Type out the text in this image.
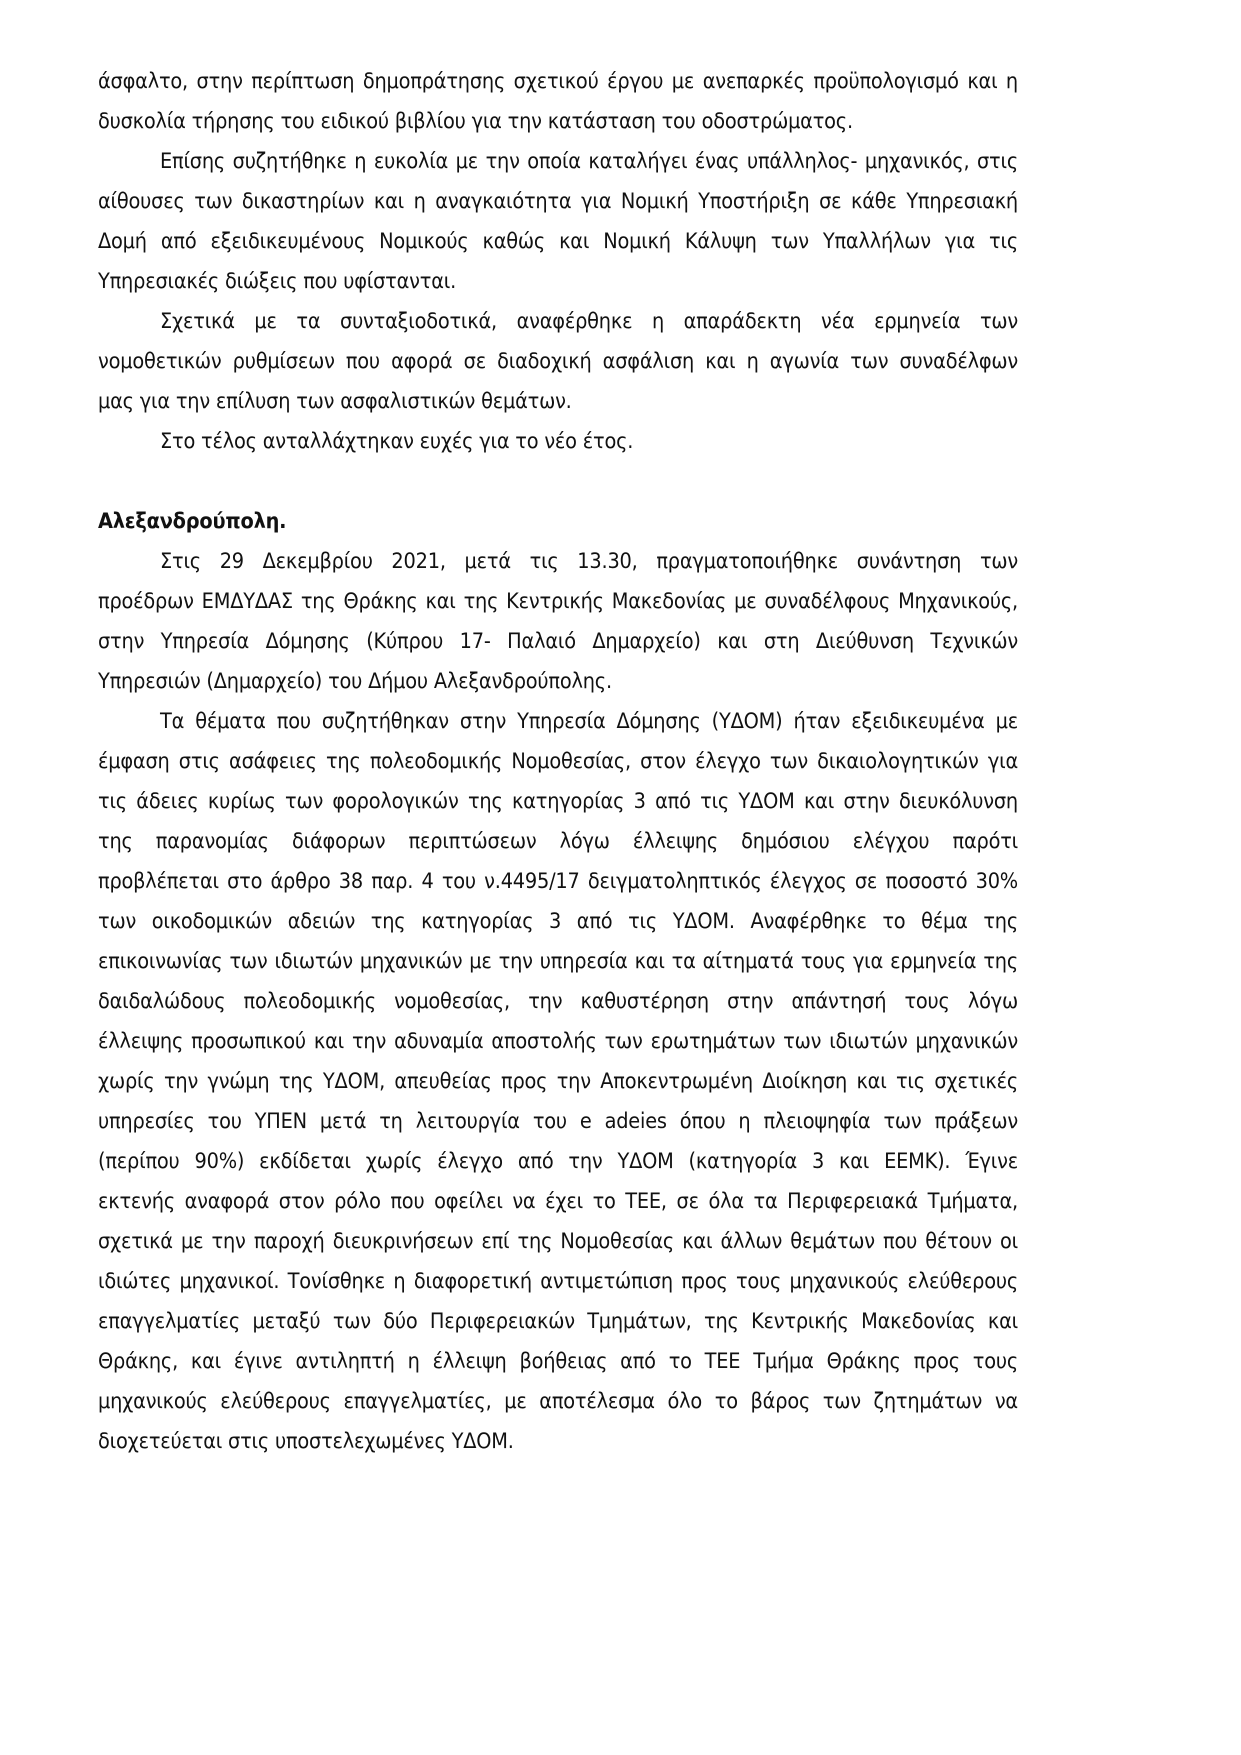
άσφαλτο, στην περίπτωση δημοπράτησης σχετικού έργου με ανεπαρκές προϋπολογισμό και η
δυσκολία τήρησης του ειδικού βιβλίου για την κατάσταση του οδοστρώματος.
Επίσης συζητήθηκε η ευκολία με την οποία καταλήγει ένας υπάλληλος- μηχανικός, στις
αίθουσες των δικαστηρίων και η αναγκαιότητα για Νομική Υποστήριξη σε κάθε Υπηρεσιακή
Δομή από εξειδικευμένους Νομικούς καθώς και Νομική Κάλυψη των Υπαλλήλων για τις
Υπηρεσιακές διώξεις που υφίστανται.
Σχετικά με τα συνταξιοδοτικά, αναφέρθηκε η απαράδεκτη νέα ερμηνεία των
νομοθετικών ρυθμίσεων που αφορά σε διαδοχική ασφάλιση και η αγωνία των συναδέλφων
μας για την επίλυση των ασφαλιστικών θεμάτων.
Στο τέλος ανταλλάχτηκαν ευχές για το νέο έτος.
Αλεξανδρούπολη.
Στις 29 Δεκεμβρίου 2021, μετά τις 13.30, πραγματοποιήθηκε συνάντηση των
προέδρων ΕΜΔΥΔΑΣ της Θράκης και της Κεντρικής Μακεδονίας με συναδέλφους Μηχανικούς,
στην Υπηρεσία Δόμησης (Κύπρου 17- Παλαιό Δημαρχείο) και στη Διεύθυνση Τεχνικών
Υπηρεσιών (Δημαρχείο) του Δήμου Αλεξανδρούπολης.
Τα θέματα που συζητήθηκαν στην Υπηρεσία Δόμησης (ΥΔΟΜ) ήταν εξειδικευμένα με
έμφαση στις ασάφειες της πολεοδομικής Νομοθεσίας, στον έλεγχο των δικαιολογητικών για
τις άδειες κυρίως των φορολογικών της κατηγορίας 3 από τις ΥΔΟΜ και στην διευκόλυνση
της παρανομίας διάφορων περιπτώσεων λόγω έλλειψης δημόσιου ελέγχου παρότι
προβλέπεται στο άρθρο 38 παρ. 4 του ν.4495/17 δειγματοληπτικός έλεγχος σε ποσοστό 30%
των οικοδομικών αδειών της κατηγορίας 3 από τις ΥΔΟΜ. Αναφέρθηκε το θέμα της
επικοινωνίας των ιδιωτών μηχανικών με την υπηρεσία και τα αίτηματά τους για ερμηνεία της
δαιδαλώδους πολεοδομικής νομοθεσίας, την καθυστέρηση στην απάντησή τους λόγω
έλλειψης προσωπικού και την αδυναμία αποστολής των ερωτημάτων των ιδιωτών μηχανικών
χωρίς την γνώμη της ΥΔΟΜ, απευθείας προς την Αποκεντρωμένη Διοίκηση και τις σχετικές
υπηρεσίες του ΥΠΕΝ μετά τη λειτουργία του e adeies όπου η πλειοψηφία των πράξεων
(περίπου 90%) εκδίδεται χωρίς έλεγχο από την ΥΔΟΜ (κατηγορία 3 και ΕΕΜΚ). Έγινε
εκτενής αναφορά στον ρόλο που οφείλει να έχει το ΤΕΕ, σε όλα τα Περιφερειακά Τμήματα,
σχετικά με την παροχή διευκρινήσεων επί της Νομοθεσίας και άλλων θεμάτων που θέτουν οι
ιδιώτες μηχανικοί. Τονίσθηκε η διαφορετική αντιμετώπιση προς τους μηχανικούς ελεύθερους
επαγγελματίες μεταξύ των δύο Περιφερειακών Τμημάτων, της Κεντρικής Μακεδονίας και
Θράκης, και έγινε αντιληπτή η έλλειψη βοήθειας από το ΤΕΕ Τμήμα Θράκης προς τους
μηχανικούς ελεύθερους επαγγελματίες, με αποτέλεσμα όλο το βάρος των ζητημάτων να
διοχετεύεται στις υποστελεχωμένες ΥΔΟΜ.
